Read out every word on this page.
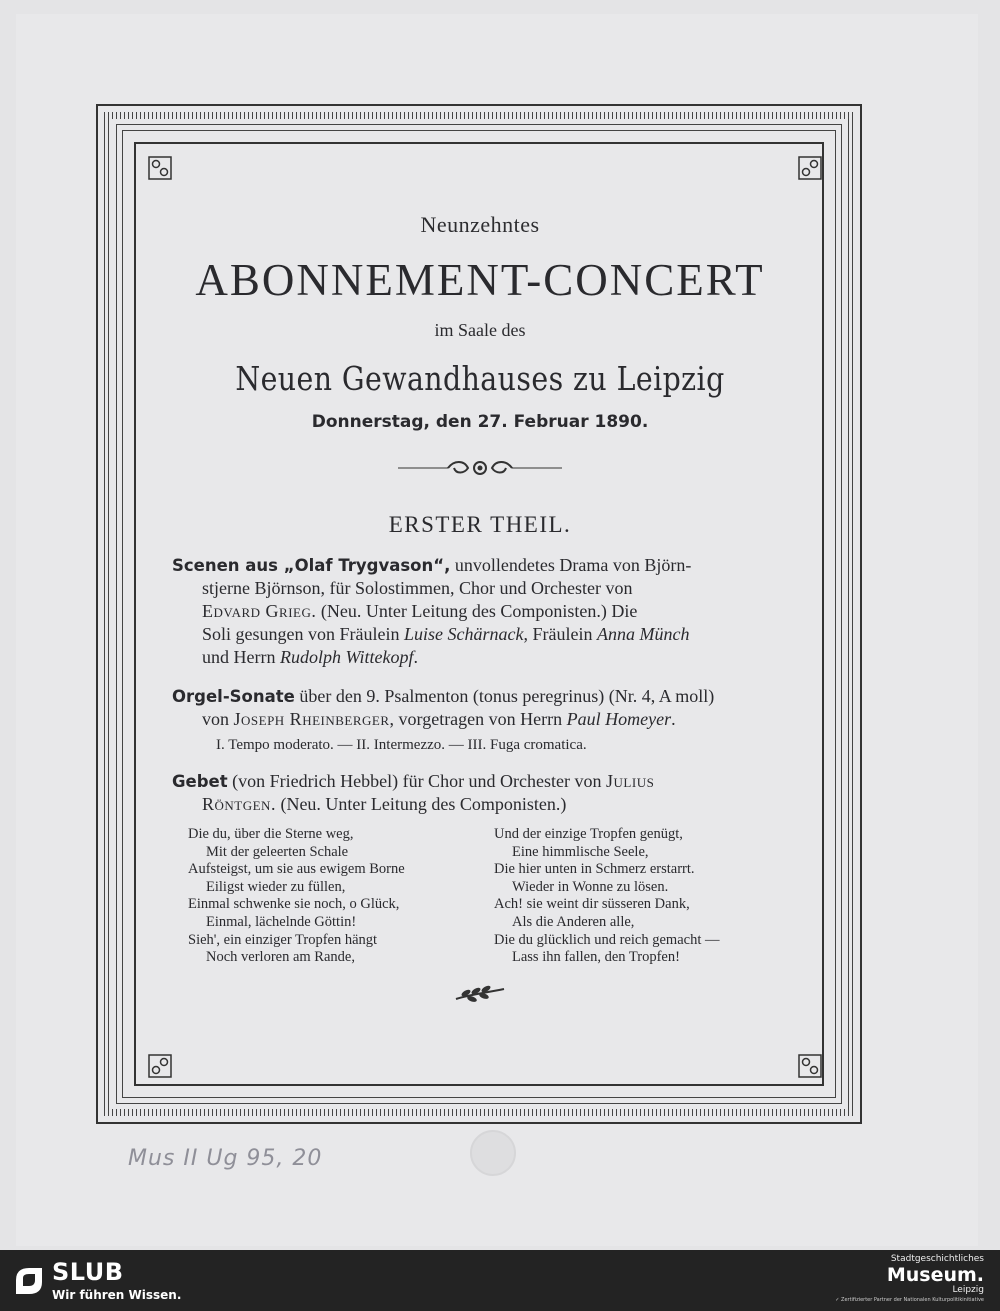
Neunzehntes
ABONNEMENT-CONCERT
im Saale des
Neuen Gewandhauses zu Leipzig
Donnerstag, den 27. Februar 1890.
ERSTER THEIL.
Scenen aus „Olaf Trygvason“, unvollendetes Drama von Björn-
stjerne Björnson, für Solostimmen, Chor und Orchester von
Edvard Grieg. (Neu. Unter Leitung des Componisten.) Die
Soli gesungen von Fräulein Luise Schärnack, Fräulein Anna Münch
und Herrn Rudolph Wittekopf.
Orgel-Sonate über den 9. Psalmenton (tonus peregrinus) (Nr. 4, A moll)
von Joseph Rheinberger, vorgetragen von Herrn Paul Homeyer.
I. Tempo moderato. — II. Intermezzo. — III. Fuga cromatica.
Gebet (von Friedrich Hebbel) für Chor und Orchester von Julius
Röntgen. (Neu. Unter Leitung des Componisten.)
Die du, über die Sterne weg,
Mit der geleerten Schale
Aufsteigst, um sie aus ewigem Borne
Eiligst wieder zu füllen,
Einmal schwenke sie noch, o Glück,
Einmal, lächelnde Göttin!
Sieh', ein einziger Tropfen hängt
Noch verloren am Rande,
Und der einzige Tropfen genügt,
Eine himmlische Seele,
Die hier unten in Schmerz erstarrt.
Wieder in Wonne zu lösen.
Ach! sie weint dir süsseren Dank,
Als die Anderen alle,
Die du glücklich und reich gemacht —
Lass ihn fallen, den Tropfen!
Mus II Ug 95, 20
SLUB
Wir führen Wissen.
Stadtgeschichtliches
Museum.
Leipzig
✓ Zertifizierter Partner der Nationalen Kulturpolitikinitiative
